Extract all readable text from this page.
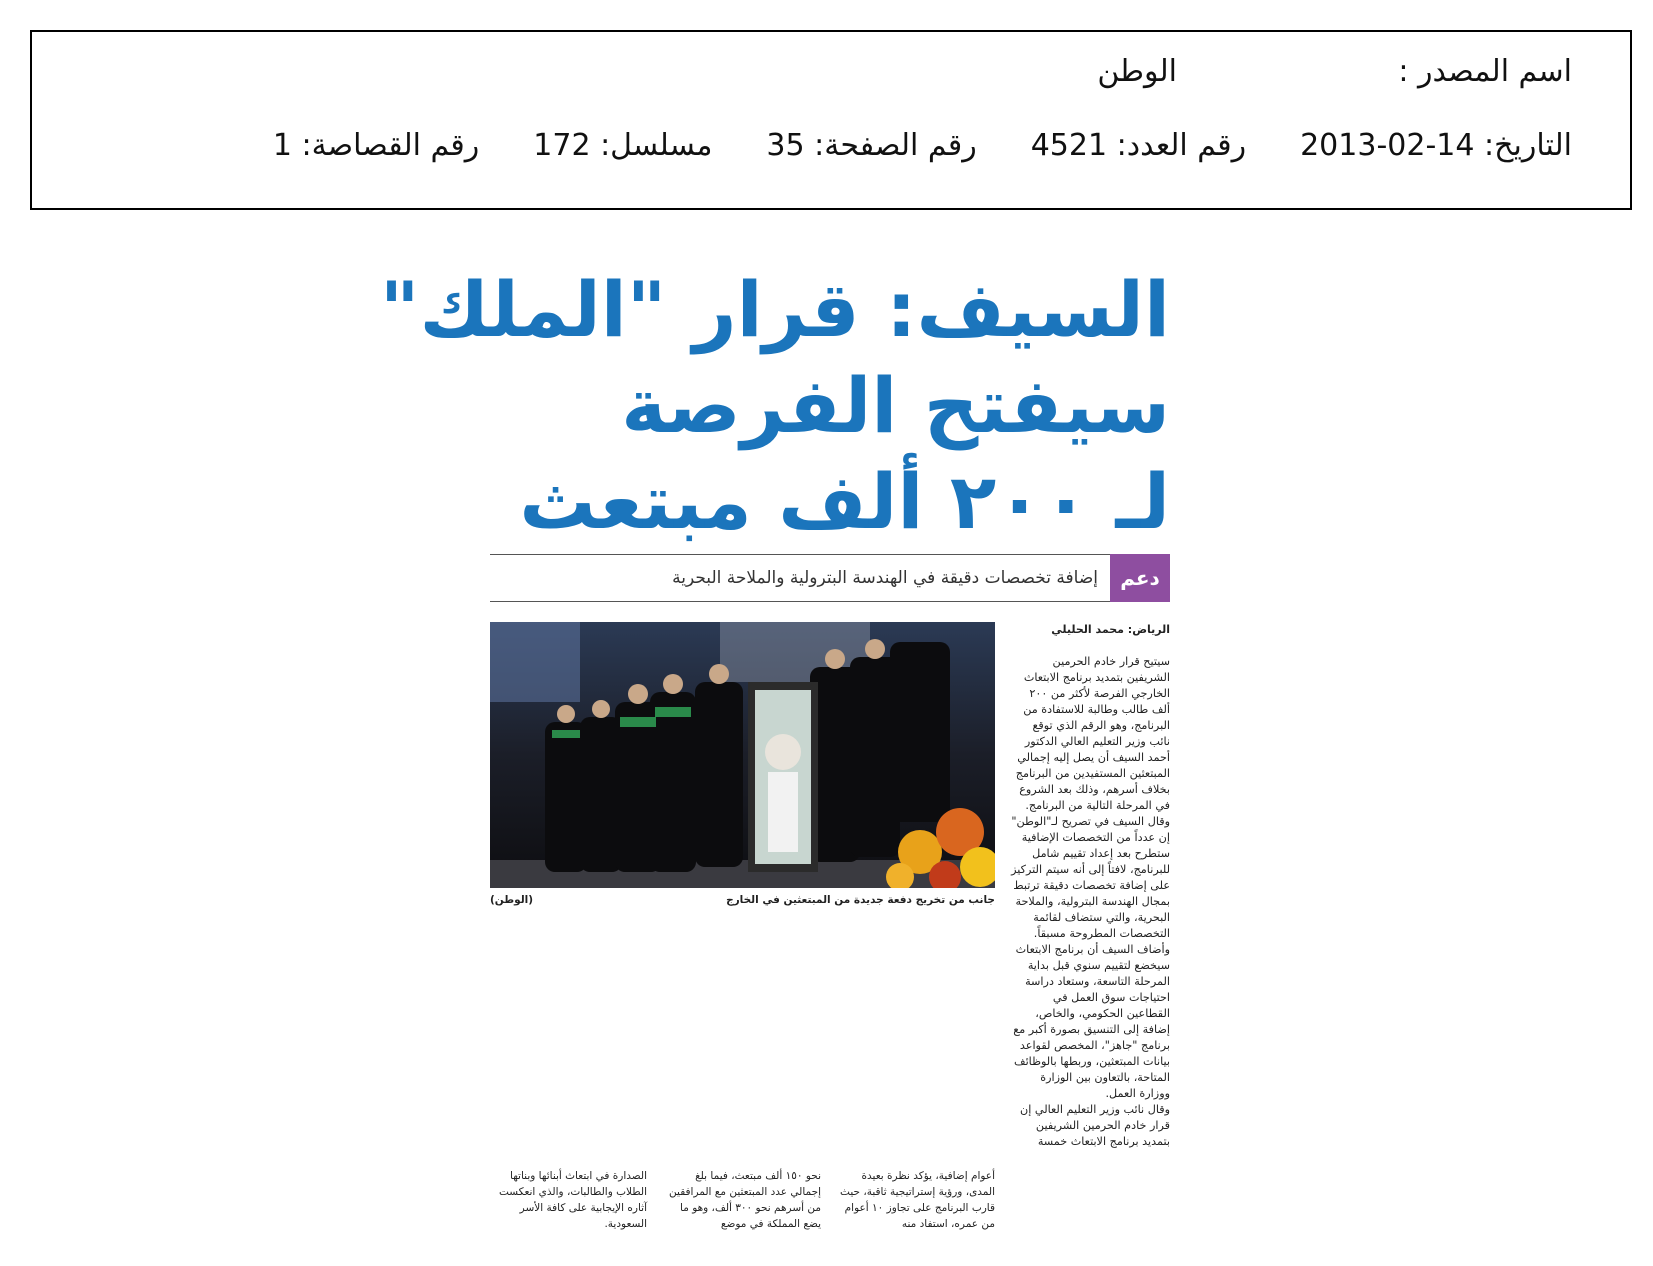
اسم المصدر :
الوطن
التاريخ: 14-02-2013
رقم العدد: 4521
رقم الصفحة: 35
مسلسل: 172
رقم القصاصة: 1
السيف: قرار "الملك"
سيفتح الفرصة
لـ ٢٠٠ ألف مبتعث
دعم
إضافة تخصصات دقيقة في الهندسة البترولية والملاحة البحرية
الرياض: محمد الحليلي

سيتيح قرار خادم الحرمين الشريفين بتمديد برنامج الابتعاث الخارجي الفرصة لأكثر من ٢٠٠ ألف طالب وطالبة للاستفادة من البرنامج، وهو الرقم الذي توقع نائب وزير التعليم العالي الدكتور أحمد السيف أن يصل إليه إجمالي المبتعثين المستفيدين من البرنامج بخلاف أسرهم، وذلك بعد الشروع في المرحلة التالية من البرنامج.

وقال السيف في تصريح لـ"الوطن" إن عدداً من التخصصات الإضافية ستطرح بعد إعداد تقييم شامل للبرنامج، لافتاً إلى أنه سيتم التركيز على إضافة تخصصات دقيقة ترتبط بمجال الهندسة البترولية، والملاحة البحرية، والتي ستضاف لقائمة التخصصات المطروحة مسبقاً.

وأضاف السيف أن برنامج الابتعاث سيخضع لتقييم سنوي قبل بداية المرحلة التاسعة، وستعاد دراسة احتياجات سوق العمل في القطاعين الحكومي، والخاص، إضافة إلى التنسيق بصورة أكبر مع برنامج "جاهز"، المخصص لقواعد بيانات المبتعثين، وربطها بالوظائف المتاحة، بالتعاون بين الوزارة ووزارة العمل.

وقال نائب وزير التعليم العالي إن قرار خادم الحرمين الشريفين بتمديد برنامج الابتعاث خمسة

جانب من تخريج دفعة جديدة من المبتعثين في الخارج
(الوطن)
أعوام إضافية، يؤكد نظرة بعيدة المدى، ورؤية إستراتيجية ثاقبة، حيث قارب البرنامج على تجاوز ١٠ أعوام من عمره، استفاد منه
نحو ١٥٠ ألف مبتعث، فيما بلغ إجمالي عدد المبتعثين مع المرافقين من أسرهم نحو ٣٠٠ ألف، وهو ما يضع المملكة في موضع
الصدارة في ابتعاث أبنائها وبناتها الطلاب والطالبات، والذي انعكست آثاره الإيجابية على كافة الأسر السعودية.
